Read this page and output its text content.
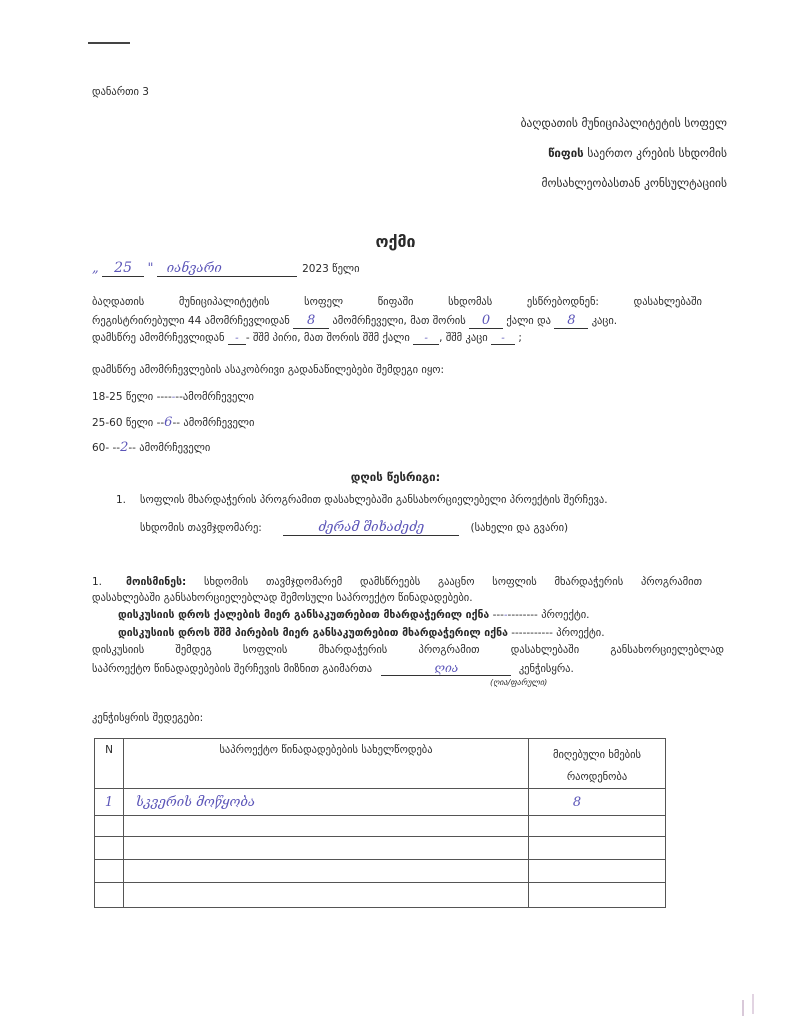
დანართი 3
ბაღდათის მუნიციპალიტეტის სოფელ
წიფის საერთო კრების სხდომის
მოსახლეობასთან კონსულტაციის
ოქმი
„ 25 " იანვარი	2023 წელი
ბაღდათის მუნიციპალიტეტის სოფელ წიფაში სხდომას ესწრებოდნენ: დასახლებაში
რეგისტრირებული 44 ამომრჩევლიდან 8 ამომრჩეველი, მათ შორის 0 ქალი და 8 კაცი.
დამსწრე ამომრჩევლიდან - - შშმ პირი, მათ შორის შშმ ქალი - , შშმ კაცი - ;
დამსწრე ამომრჩევლების ასაკობრივი გადანაწილებები შემდეგი იყო:
18-25 წელი -------ამომრჩეველი
25-60 წელი --6-- ამომრჩეველი
60- --2-- ამომრჩეველი
დღის წესრიგი:
1. სოფლის მხარდაჭერის პროგრამით დასახლებაში განსახორციელებელი პროექტის შერჩევა.
სხდომის თავმჯდომარე:	ძერამ შიხაძეძე	(სახელი და გვარი)
1. მოისმინეს: სხდომის თავმჯდომარემ დამსწრეებს გააცნო სოფლის მხარდაჭერის პროგრამით
დასახლებაში განსახორციელებლად შემოსული საპროექტო წინადადებები.
დისკუსიის დროს ქალების მიერ განსაკუთრებით მხარდაჭერილ იქნა ------------ პროექტი.
დისკუსიის დროს შშმ პირების მიერ განსაკუთრებით მხარდაჭერილ იქნა ----------- პროექტი.
დისკუსიის შემდეგ სოფლის მხარდაჭერის პროგრამით დასახლებაში განსახორციელებლად
საპროექტო წინადადებების შერჩევის მიზნით გაიმართა	ღია	კენჭისყრა.
(ღია/ფარული)
კენჭისყრის შედეგები:
N	საპროექტო წინადადებების სახელწოდება	მიღებული ხმების
რაოდენობა
1	სკვერის მოწყობა	8
